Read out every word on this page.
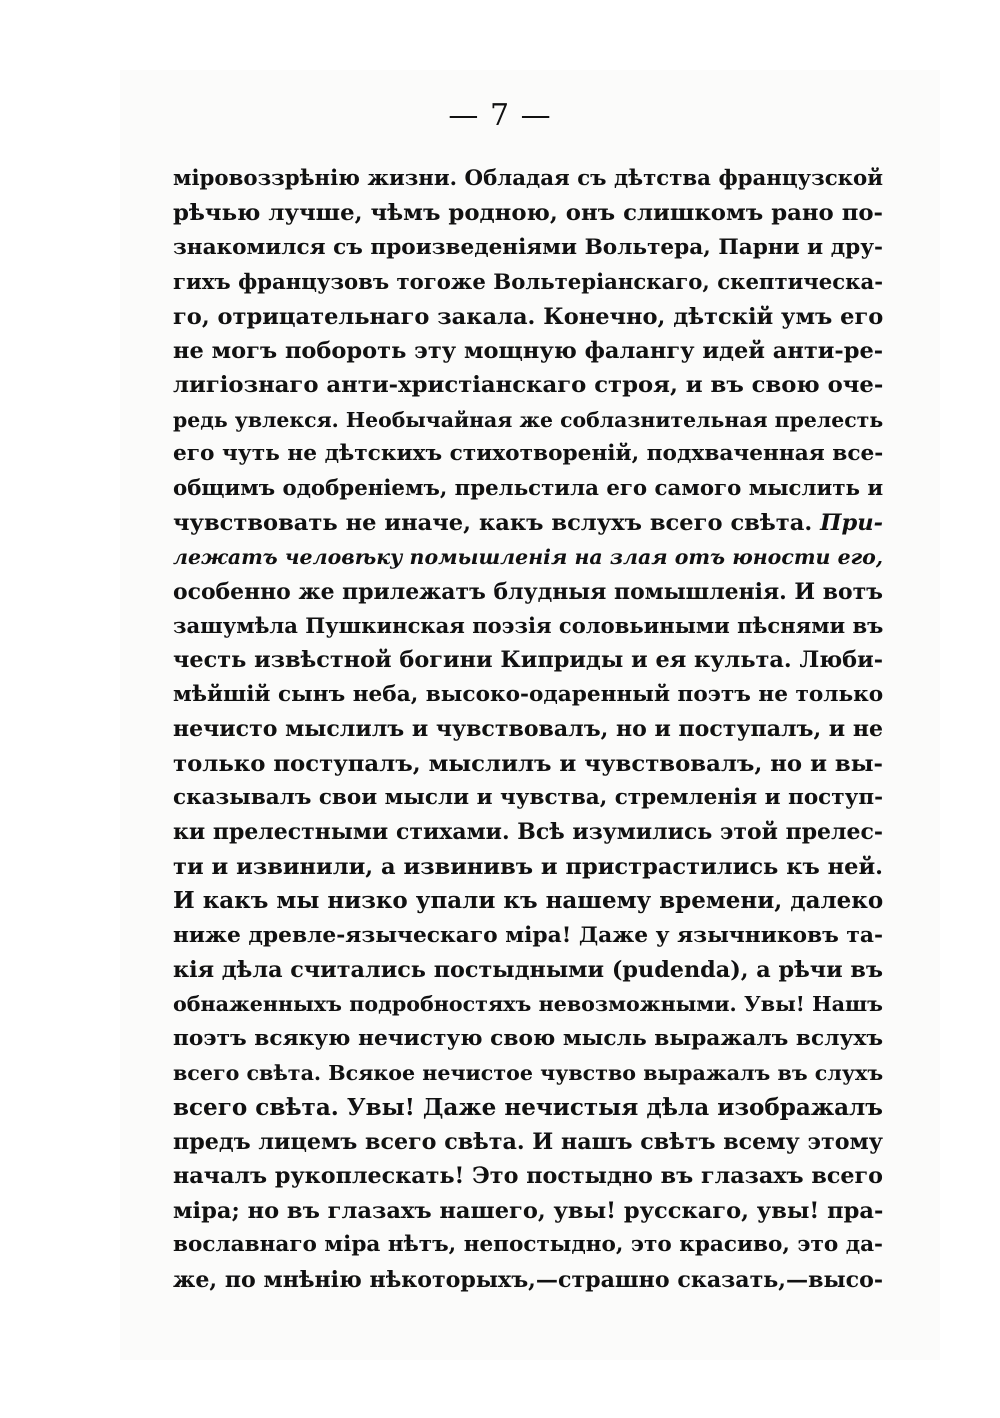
— 7 —
міровоззрѣнію жизни. Обладая съ дѣтства французской
рѣчью лучше, чѣмъ родною, онъ слишкомъ рано по-
знакомился съ произведеніями Вольтера, Парни и дру-
гихъ французовъ тогоже Вольтеріанскаго, скептическа-
го, отрицательнаго закала. Конечно, дѣтскій умъ его
не могъ побороть эту мощную фалангу идей анти-ре-
лигіознаго анти-христіанскаго строя, и въ свою оче-
редь увлекся. Необычайная же соблазнительная прелесть
его чуть не дѣтскихъ стихотвореній, подхваченная все-
общимъ одобреніемъ, прельстила его самого мыслить и
чувствовать не иначе, какъ вслухъ всего свѣта. При-
лежатъ человѣку помышленія на злая отъ юности его,
особенно же прилежатъ блудныя помышленія. И вотъ
зашумѣла Пушкинская поэзія соловьиными пѣснями въ
честь извѣстной богини Киприды и ея культа. Люби-
мѣйшій сынъ неба, высоко-одаренный поэтъ не только
нечисто мыслилъ и чувствовалъ, но и поступалъ, и не
только поступалъ, мыслилъ и чувствовалъ, но и вы-
сказывалъ свои мысли и чувства, стремленія и поступ-
ки прелестными стихами. Всѣ изумились этой прелес-
ти и извинили, а извинивъ и пристрастились къ ней.
И какъ мы низко упали къ нашему времени, далеко
ниже древле-языческаго міра! Даже у язычниковъ та-
кія дѣла считались постыдными (pudenda), а рѣчи въ
обнаженныхъ подробностяхъ невозможными. Увы! Нашъ
поэтъ всякую нечистую свою мысль выражалъ вслухъ
всего свѣта. Всякое нечистое чувство выражалъ въ слухъ
всего свѣта. Увы! Даже нечистыя дѣла изображалъ
предъ лицемъ всего свѣта. И нашъ свѣтъ всему этому
началъ рукоплескать! Это постыдно въ глазахъ всего
міра; но въ глазахъ нашего, увы! русскаго, увы! пра-
вославнаго міра нѣтъ, непостыдно, это красиво, это да-
же, по мнѣнію нѣкоторыхъ,—страшно сказать,—высо-
